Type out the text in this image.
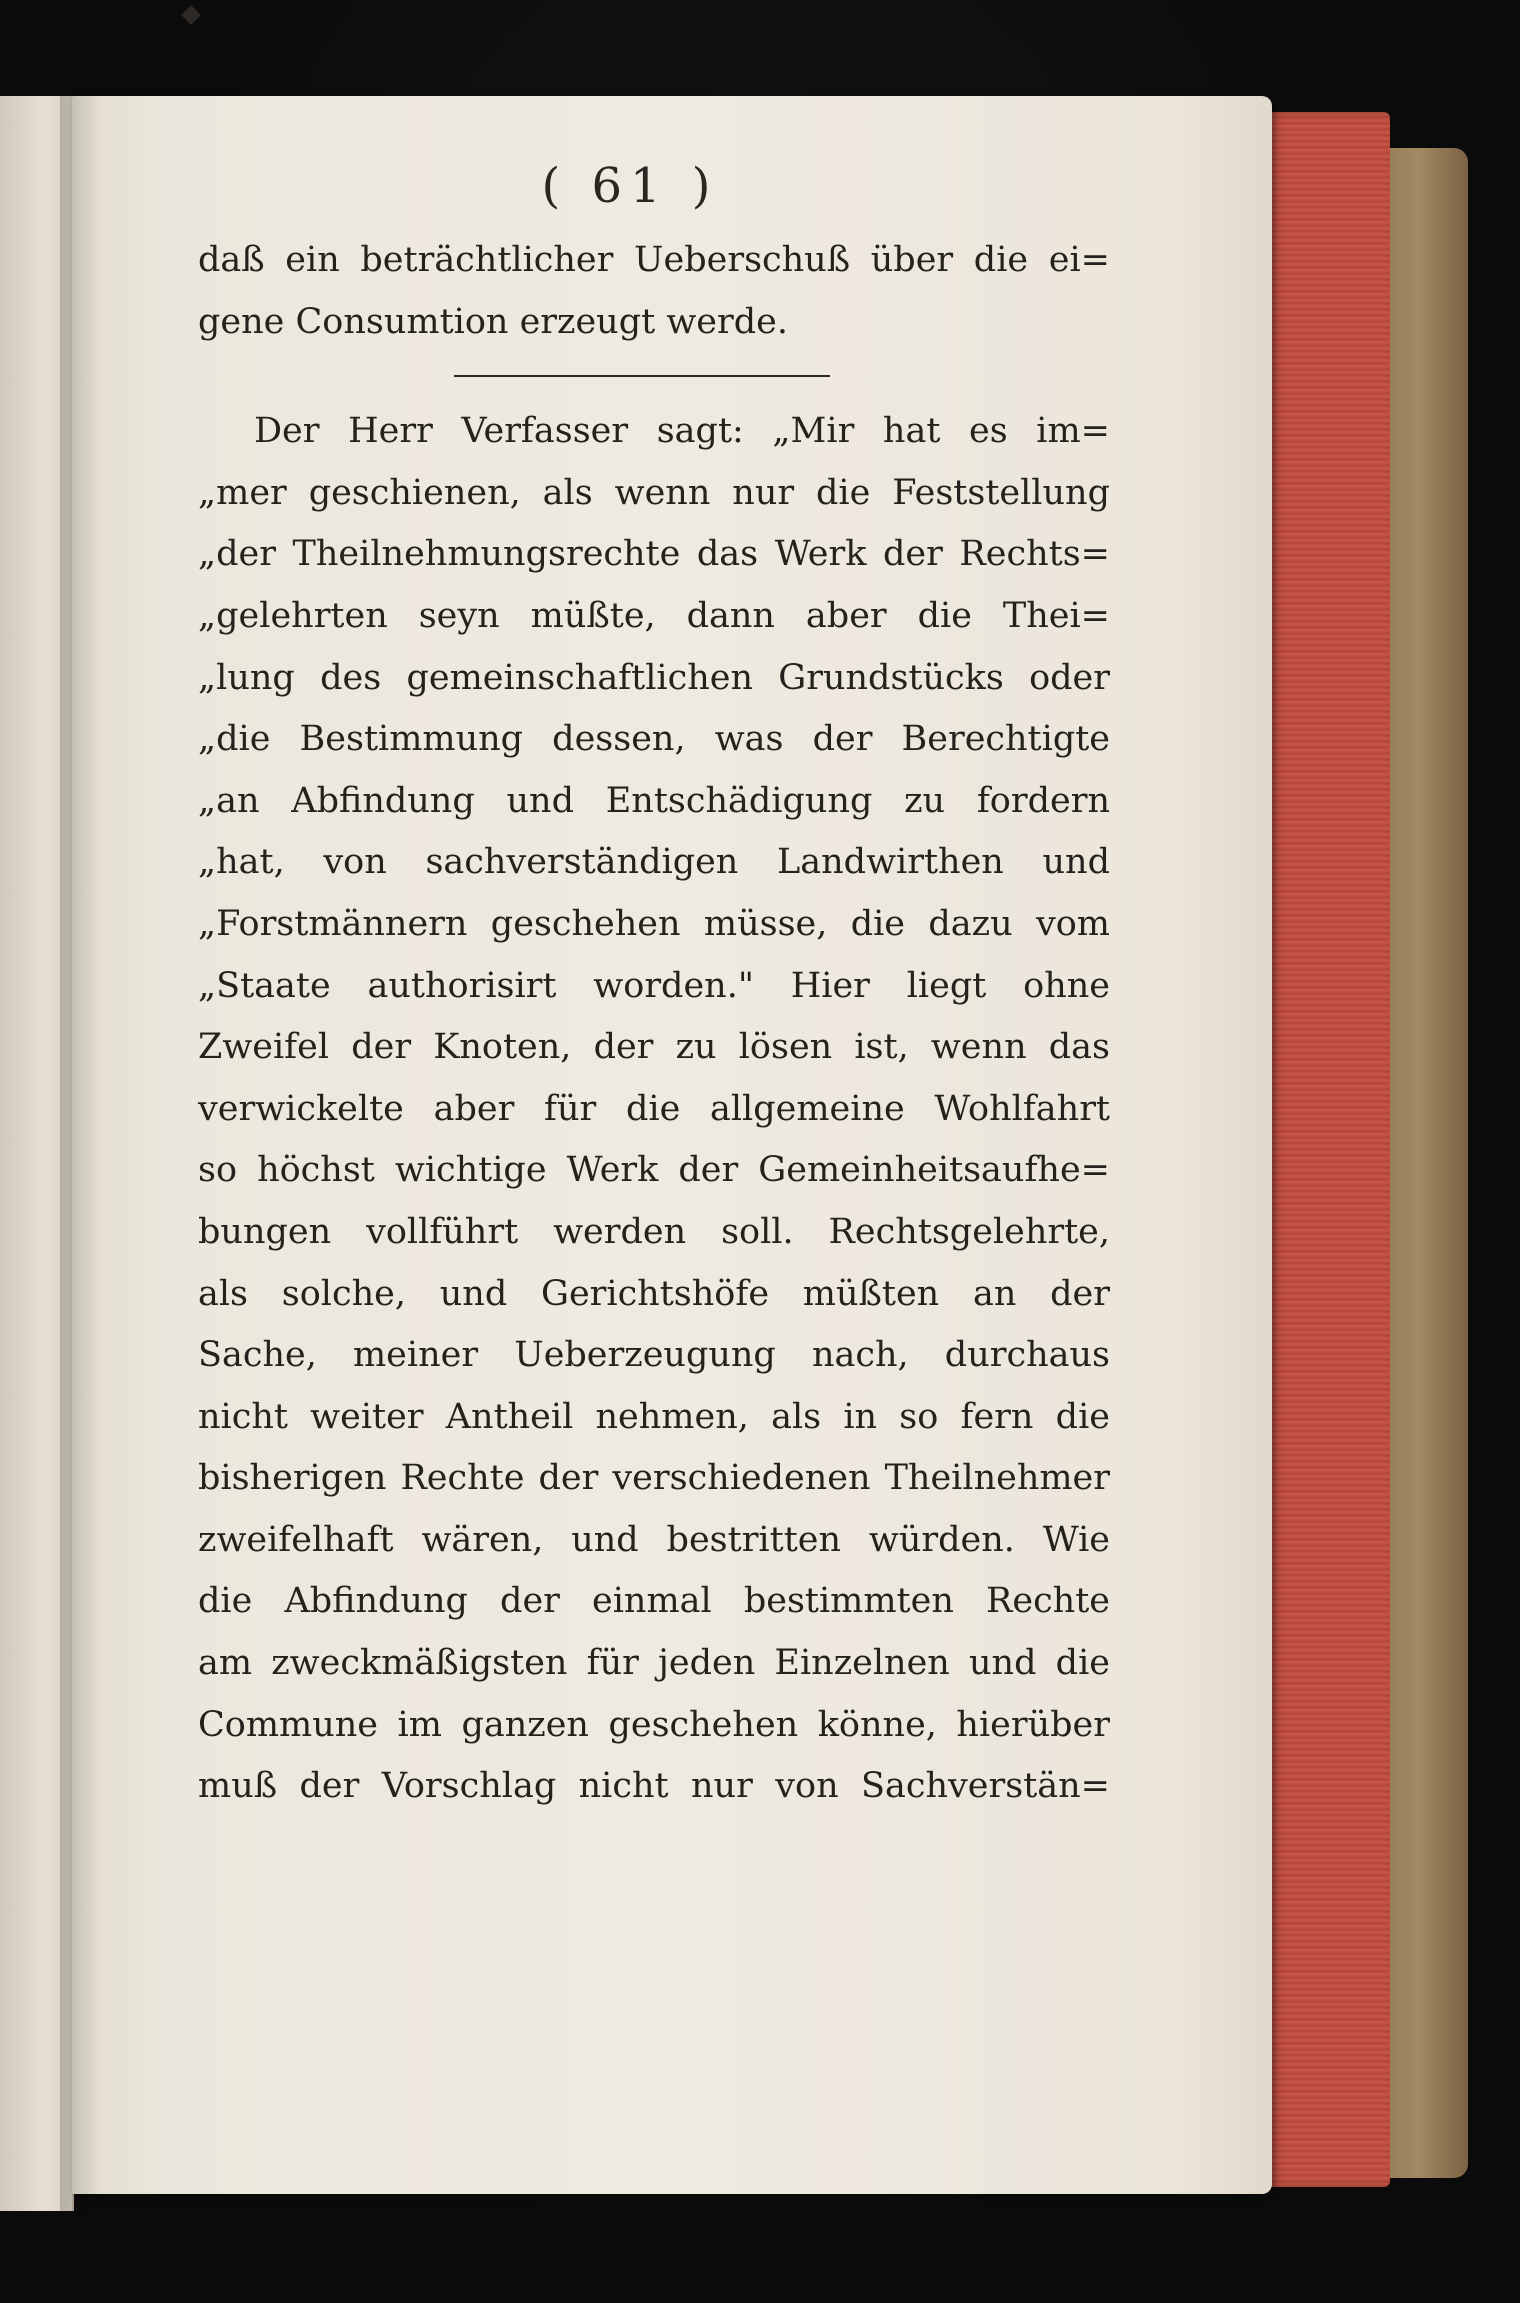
( 61 )
daß ein beträchtlicher Ueberschuß über die ei=
gene Consumtion erzeugt werde.
Der Herr Verfasser sagt: „Mir hat es im=
„mer geschienen, als wenn nur die Feststellung
„der Theilnehmungsrechte das Werk der Rechts=
„gelehrten seyn müßte, dann aber die Thei=
„lung des gemeinschaftlichen Grundstücks oder
„die Bestimmung dessen, was der Berechtigte
„an Abfindung und Entschädigung zu fordern
„hat, von sachverständigen Landwirthen und
„Forstmännern geschehen müsse, die dazu vom
„Staate authorisirt worden." Hier liegt ohne
Zweifel der Knoten, der zu lösen ist, wenn das
verwickelte aber für die allgemeine Wohlfahrt
so höchst wichtige Werk der Gemeinheitsaufhe=
bungen vollführt werden soll. Rechtsgelehrte,
als solche, und Gerichtshöfe müßten an der
Sache, meiner Ueberzeugung nach, durchaus
nicht weiter Antheil nehmen, als in so fern die
bisherigen Rechte der verschiedenen Theilnehmer
zweifelhaft wären, und bestritten würden. Wie
die Abfindung der einmal bestimmten Rechte
am zweckmäßigsten für jeden Einzelnen und die
Commune im ganzen geschehen könne, hierüber
muß der Vorschlag nicht nur von Sachverstän=
